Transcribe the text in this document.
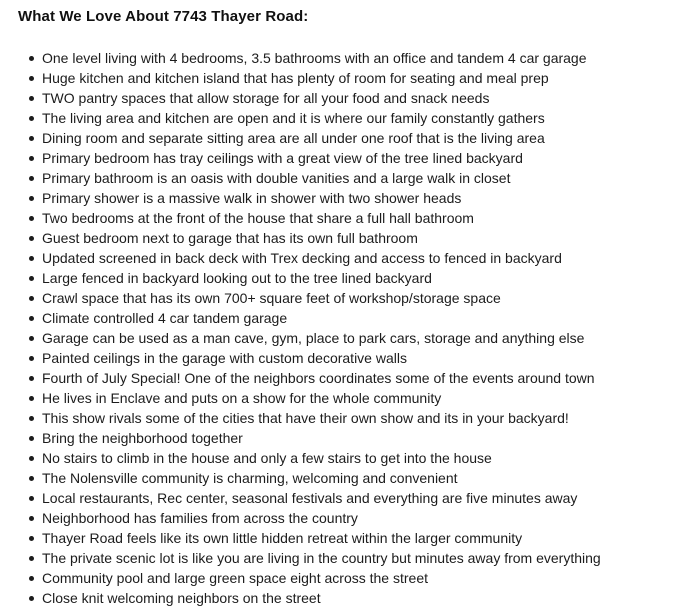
What We Love About 7743 Thayer Road:
One level living with 4 bedrooms, 3.5 bathrooms with an office and tandem 4 car garage
Huge kitchen and kitchen island that has plenty of room for seating and meal prep
TWO pantry spaces that allow storage for all your food and snack needs
The living area and kitchen are open and it is where our family constantly gathers
Dining room and separate sitting area are all under one roof that is the living area
Primary bedroom has tray ceilings with a great view of the tree lined backyard
Primary bathroom is an oasis with double vanities and a large walk in closet
Primary shower is a massive walk in shower with two shower heads
Two bedrooms at the front of the house that share a full hall bathroom
Guest bedroom next to garage that has its own full bathroom
Updated screened in back deck with Trex decking and access to fenced in backyard
Large fenced in backyard looking out to the tree lined backyard
Crawl space that has its own 700+ square feet of workshop/storage space
Climate controlled 4 car tandem garage
Garage can be used as a man cave, gym, place to park cars, storage and anything else
Painted ceilings in the garage with custom decorative walls
Fourth of July Special! One of the neighbors coordinates some of the events around town
He lives in Enclave and puts on a show for the whole community
This show rivals some of the cities that have their own show and its in your backyard!
Bring the neighborhood together
No stairs to climb in the house and only a few stairs to get into the house
The Nolensville community is charming, welcoming and convenient
Local restaurants, Rec center, seasonal festivals and everything are five minutes away
Neighborhood has families from across the country
Thayer Road feels like its own little hidden retreat within the larger community
The private scenic lot is like you are living in the country but minutes away from everything
Community pool and large green space eight across the street
Close knit welcoming neighbors on the street
